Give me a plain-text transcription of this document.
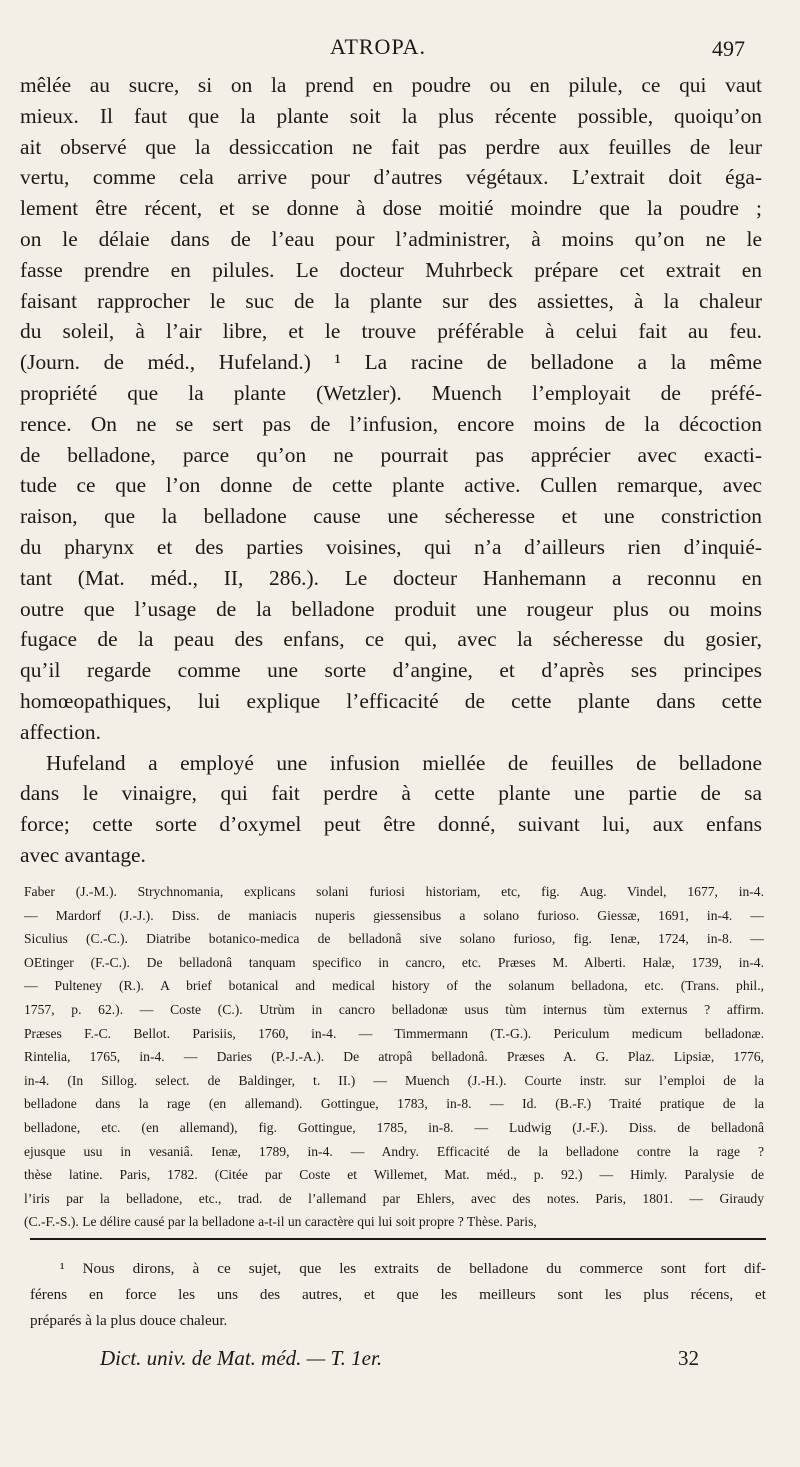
ATROPA.	497

mêlée au sucre, si on la prend en poudre ou en pilule, ce qui vaut
mieux. Il faut que la plante soit la plus récente possible, quoiqu’on
ait observé que la dessiccation ne fait pas perdre aux feuilles de leur
vertu, comme cela arrive pour d’autres végétaux. L’extrait doit éga-
lement être récent, et se donne à dose moitié moindre que la poudre ;
on le délaie dans de l’eau pour l’administrer, à moins qu’on ne le
fasse prendre en pilules. Le docteur Muhrbeck prépare cet extrait en
faisant rapprocher le suc de la plante sur des assiettes, à la chaleur
du soleil, à l’air libre, et le trouve préférable à celui fait au feu.
(Journ. de méd., Hufeland.) ¹ La racine de belladone a la même
propriété que la plante (Wetzler). Muench l’employait de préfé-
rence. On ne se sert pas de l’infusion, encore moins de la décoction
de belladone, parce qu’on ne pourrait pas apprécier avec exacti-
tude ce que l’on donne de cette plante active. Cullen remarque, avec
raison, que la belladone cause une sécheresse et une constriction
du pharynx et des parties voisines, qui n’a d’ailleurs rien d’inquié-
tant (Mat. méd., II, 286.). Le docteur Hanhemann a reconnu en
outre que l’usage de la belladone produit une rougeur plus ou moins
fugace de la peau des enfans, ce qui, avec la sécheresse du gosier,
qu’il regarde comme une sorte d’angine, et d’après ses principes
homœopathiques, lui explique l’efficacité de cette plante dans cette
affection.

Hufeland a employé une infusion miellée de feuilles de belladone
dans le vinaigre, qui fait perdre à cette plante une partie de sa
force; cette sorte d’oxymel peut être donné, suivant lui, aux enfans
avec avantage.

Faber (J.-M.). Strychnomania, explicans solani furiosi historiam, etc, fig. Aug. Vindel, 1677, in-4.
— Mardorf (J.-J.). Diss. de maniacis nuperis giessensibus a solano furioso. Giessæ, 1691, in-4. —
Siculius (C.-C.). Diatribe botanico-medica de belladonâ sive solano furioso, fig. Ienæ, 1724, in-8. —
OEtinger (F.-C.). De belladonâ tanquam specifico in cancro, etc. Præses M. Alberti. Halæ, 1739, in-4.
— Pulteney (R.). A brief botanical and medical history of the solanum belladona, etc. (Trans. phil.,
1757, p. 62.). — Coste (C.). Utrùm in cancro belladonæ usus tùm internus tùm externus ? affirm.
Præses F.-C. Bellot. Parisiis, 1760, in-4. — Timmermann (T.-G.). Periculum medicum belladonæ.
Rintelia, 1765, in-4. — Daries (P.-J.-A.). De atropâ belladonâ. Præses A. G. Plaz. Lipsiæ, 1776,
in-4. (In Sillog. select. de Baldinger, t. II.) — Muench (J.-H.). Courte instr. sur l’emploi de la
belladone dans la rage (en allemand). Gottingue, 1783, in-8. — Id. (B.-F.) Traité pratique de la
belladone, etc. (en allemand), fig. Gottingue, 1785, in-8. — Ludwig (J.-F.). Diss. de belladonâ
ejusque usu in vesaniâ. Ienæ, 1789, in-4. — Andry. Efficacité de la belladone contre la rage ?
thèse latine. Paris, 1782. (Citée par Coste et Willemet, Mat. méd., p. 92.) — Himly. Paralysie de
l’iris par la belladone, etc., trad. de l’allemand par Ehlers, avec des notes. Paris, 1801. — Giraudy
(C.-F.-S.). Le délire causé par la belladone a-t-il un caractère qui lui soit propre ? Thèse. Paris,
¹ Nous dirons, à ce sujet, que les extraits de belladone du commerce sont fort dif-
férens en force les uns des autres, et que les meilleurs sont les plus récens, et
préparés à la plus douce chaleur.
Dict. univ. de Mat. méd. — T. 1er.	32
